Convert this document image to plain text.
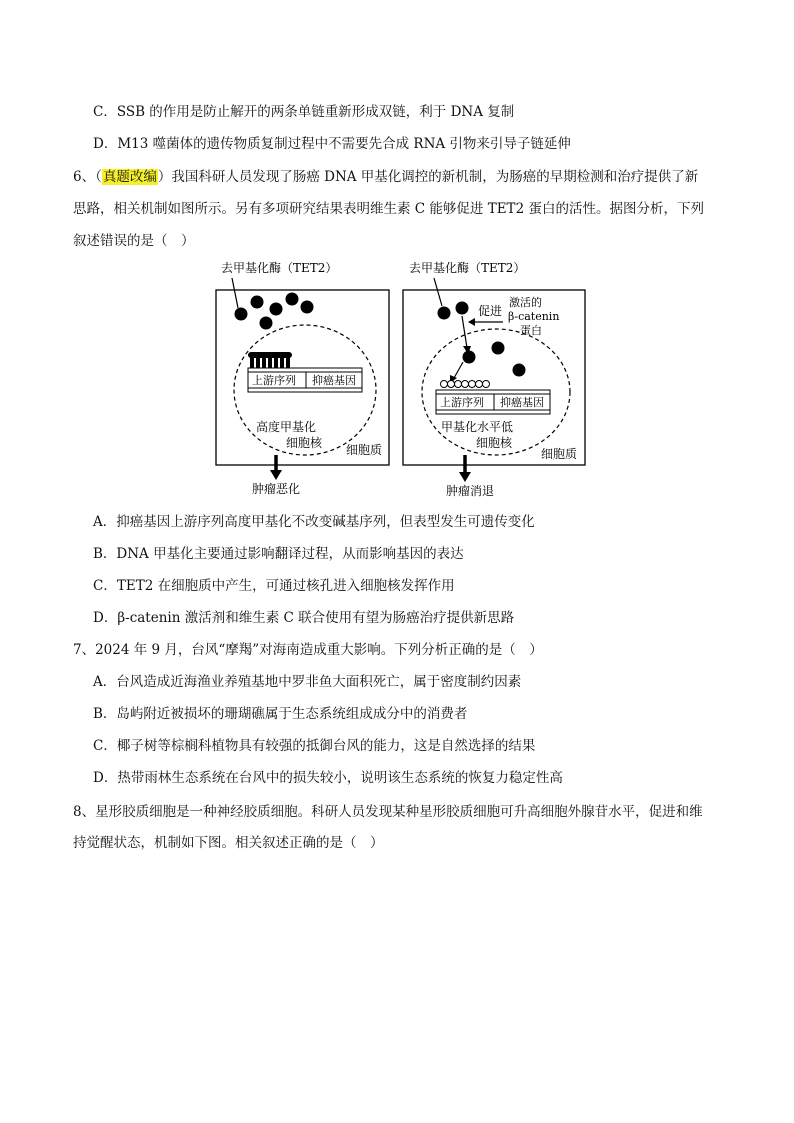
C．SSB 的作用是防止解开的两条单链重新形成双链，利于 DNA 复制
D．M13 噬菌体的遗传物质复制过程中不需要先合成 RNA 引物来引导子链延伸
6、（真题改编）我国科研人员发现了肠癌 DNA 甲基化调控的新机制，为肠癌的早期检测和治疗提供了新
思路，相关机制如图所示。另有多项研究结果表明维生素 C 能够促进 TET2 蛋白的活性。据图分析，下列
叙述错误的是（　）
去甲基化酶（TET2）
上游序列 抑癌基因
高度甲基化
细胞核 细胞质
肿瘤恶化
去甲基化酶（TET2）
促进
激活的
β-catenin
蛋白
上游序列 抑癌基因
甲基化水平低
细胞核
细胞质
肿瘤消退
A．抑癌基因上游序列高度甲基化不改变碱基序列，但表型发生可遗传变化
B．DNA 甲基化主要通过影响翻译过程，从而影响基因的表达
C．TET2 在细胞质中产生，可通过核孔进入细胞核发挥作用
D．β-catenin 激活剂和维生素 C 联合使用有望为肠癌治疗提供新思路
7、2024 年 9 月，台风“摩羯”对海南造成重大影响。下列分析正确的是（　）
A．台风造成近海渔业养殖基地中罗非鱼大面积死亡，属于密度制约因素
B．岛屿附近被损坏的珊瑚礁属于生态系统组成成分中的消费者
C．椰子树等棕榈科植物具有较强的抵御台风的能力，这是自然选择的结果
D．热带雨林生态系统在台风中的损失较小，说明该生态系统的恢复力稳定性高
8、星形胶质细胞是一种神经胶质细胞。科研人员发现某种星形胶质细胞可升高细胞外腺苷水平，促进和维
持觉醒状态，机制如下图。相关叙述正确的是（　）
